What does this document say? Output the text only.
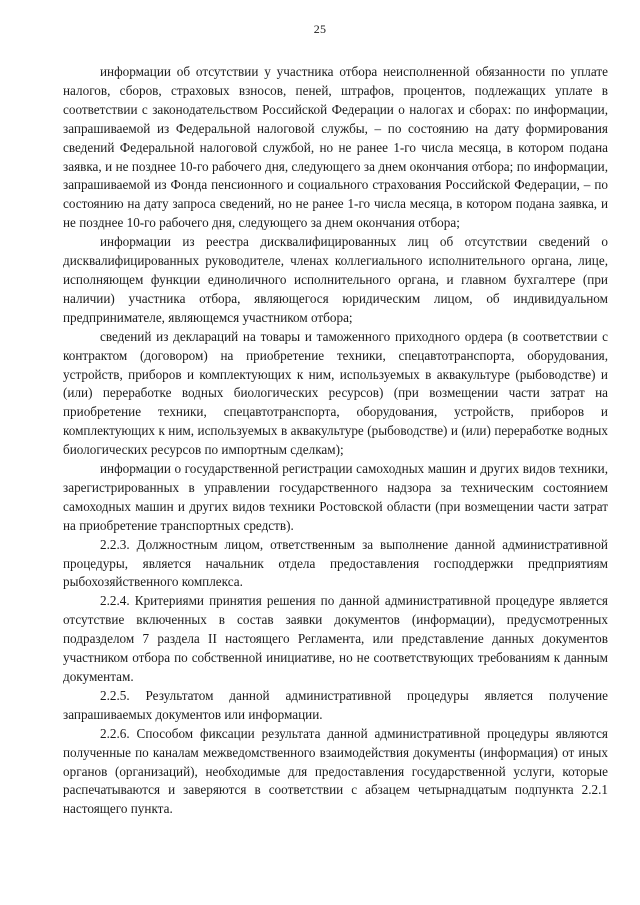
25

информации об отсутствии у участника отбора неисполненной обязанности по уплате налогов, сборов, страховых взносов, пеней, штрафов, процентов, подлежащих уплате в соответствии с законодательством Российской Федерации о налогах и сборах: по информации, запрашиваемой из Федеральной налоговой службы, – по состоянию на дату формирования сведений Федеральной налоговой службой, но не ранее 1-го числа месяца, в котором подана заявка, и не позднее 10-го рабочего дня, следующего за днем окончания отбора; по информации, запрашиваемой из Фонда пенсионного и социального страхования Российской Федерации, – по состоянию на дату запроса сведений, но не ранее 1-го числа месяца, в котором подана заявка, и не позднее 10-го рабочего дня, следующего за днем окончания отбора;

информации из реестра дисквалифицированных лиц об отсутствии сведений о дисквалифицированных руководителе, членах коллегиального исполнительного органа, лице, исполняющем функции единоличного исполнительного органа, и главном бухгалтере (при наличии) участника отбора, являющегося юридическим лицом, об индивидуальном предпринимателе, являющемся участником отбора;

сведений из деклараций на товары и таможенного приходного ордера (в соответствии с контрактом (договором) на приобретение техники, спецавтотранспорта, оборудования, устройств, приборов и комплектующих к ним, используемых в аквакультуре (рыбоводстве) и (или) переработке водных биологических ресурсов) (при возмещении части затрат на приобретение техники, спецавтотранспорта, оборудования, устройств, приборов и комплектующих к ним, используемых в аквакультуре (рыбоводстве) и (или) переработке водных биологических ресурсов по импортным сделкам);

информации о государственной регистрации самоходных машин и других видов техники, зарегистрированных в управлении государственного надзора за техническим состоянием самоходных машин и других видов техники Ростовской области (при возмещении части затрат на приобретение транспортных средств).

2.2.3. Должностным лицом, ответственным за выполнение данной административной процедуры, является начальник отдела предоставления господдержки предприятиям рыбохозяйственного комплекса.

2.2.4. Критериями принятия решения по данной административной процедуре является отсутствие включенных в состав заявки документов (информации), предусмотренных подразделом 7 раздела II настоящего Регламента, или представление данных документов участником отбора по собственной инициативе, но не соответствующих требованиям к данным документам.

2.2.5. Результатом данной административной процедуры является получение запрашиваемых документов или информации.

2.2.6. Способом фиксации результата данной административной процедуры являются полученные по каналам межведомственного взаимодействия документы (информация) от иных органов (организаций), необходимые для предоставления государственной услуги, которые распечатываются и заверяются в соответствии с абзацем четырнадцатым подпункта 2.2.1 настоящего пункта.
